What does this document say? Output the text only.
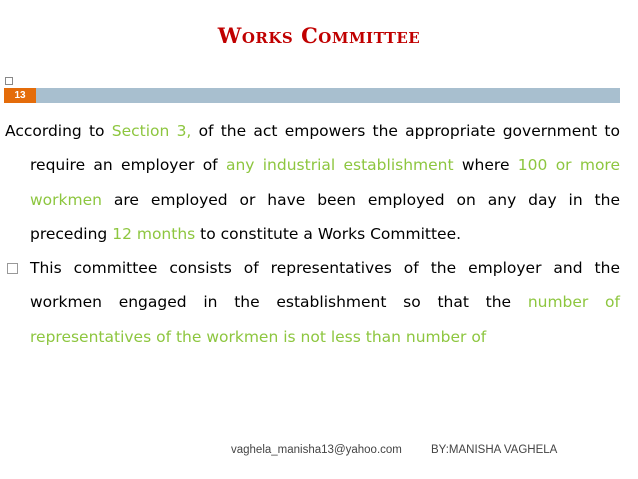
Works Committee
13
According to Section 3, of the act empowers the appropriate government to require an employer of any industrial establishment where 100 or more workmen are employed or have been employed on any day in the preceding 12 months to constitute a Works Committee.
This committee consists of representatives of the employer and the workmen engaged in the establishment so that the number of representatives of the workmen is not less than number of
vaghela_manisha13@yahoo.com	BY:MANISHA VAGHELA
